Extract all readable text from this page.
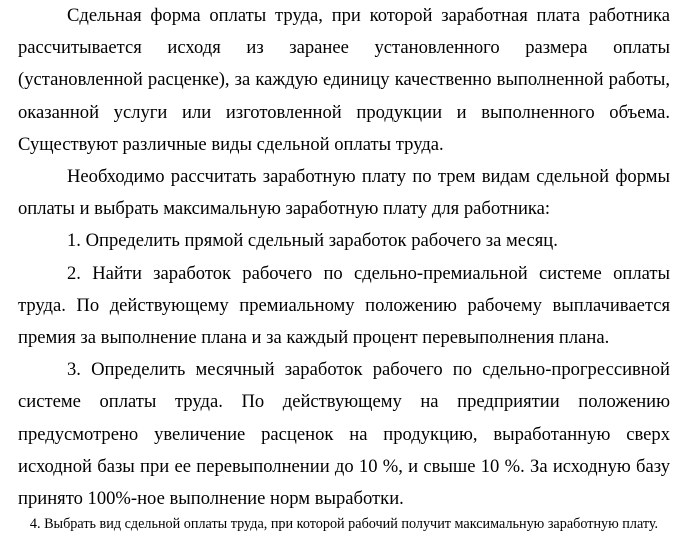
Сдельная форма оплаты труда, при которой заработная плата работника рассчитывается исходя из заранее установленного размера оплаты (установленной расценке), за каждую единицу качественно выполненной работы, оказанной услуги или изготовленной продукции и выполненного объема. Существуют различные виды сдельной оплаты труда.

Необходимо рассчитать заработную плату по трем видам сдельной формы оплаты и выбрать максимальную заработную плату для работника:

1. Определить прямой сдельный заработок рабочего за месяц.

2. Найти заработок рабочего по сдельно-премиальной системе оплаты труда. По действующему премиальному положению рабочему выплачивается премия за выполнение плана и за каждый процент перевыполнения плана.

3. Определить месячный заработок рабочего по сдельно-прогрессивной системе оплаты труда. По действующему на предприятии положению предусмотрено увеличение расценок на продукцию, выработанную сверх исходной базы при ее перевыполнении до 10 %, и свыше 10 %. За исходную базу принято 100%-ное выполнение норм выработки.

4. Выбрать вид сдельной оплаты труда, при которой рабочий получит максимальную заработную плату.
